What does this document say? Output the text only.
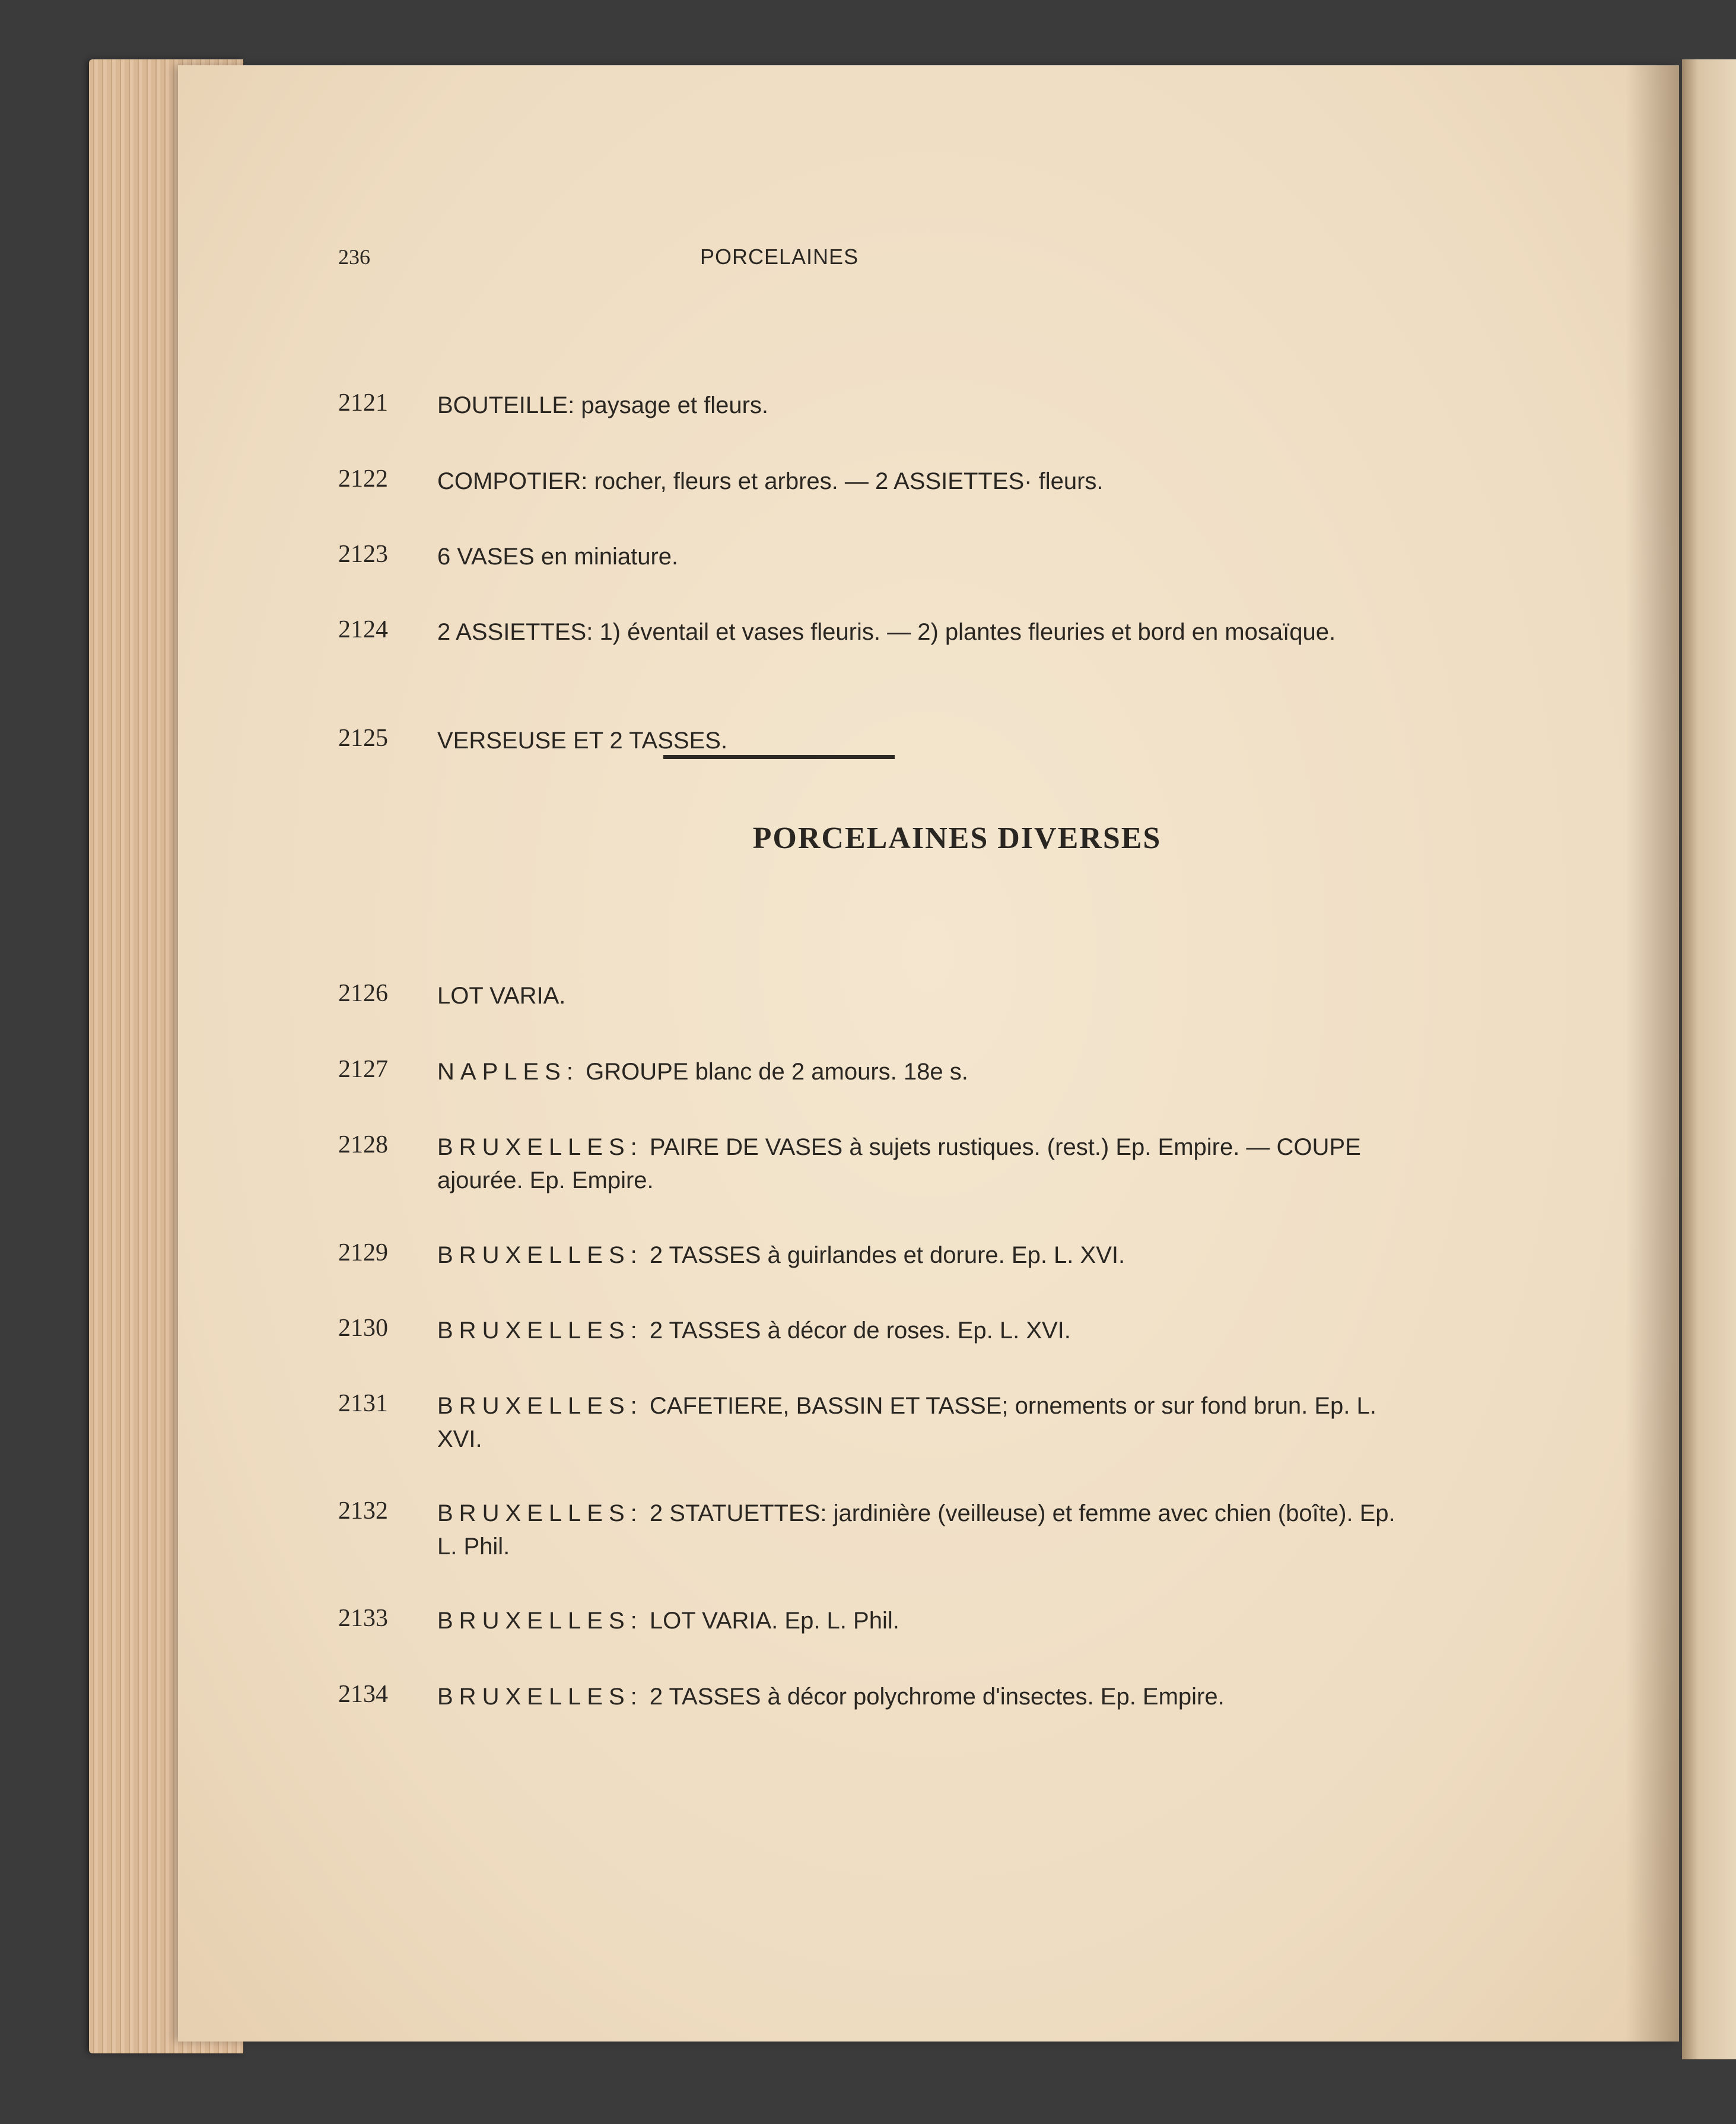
236	PORCELAINES
2121 BOUTEILLE: paysage et fleurs.
2122 COMPOTIER: rocher, fleurs et arbres. — 2 ASSIETTES· fleurs.
2123 6 VASES en miniature.
2124 2 ASSIETTES: 1) éventail et vases fleuris. — 2) plantes fleuries et bord en mosaïque.
2125 VERSEUSE ET 2 TASSES.
PORCELAINES DIVERSES
2126 LOT VARIA.
2127 NAPLES: GROUPE blanc de 2 amours. 18e s.
2128 BRUXELLES: PAIRE DE VASES à sujets rustiques. (rest.) Ep. Empire. — COUPE ajourée. Ep. Empire.
2129 BRUXELLES: 2 TASSES à guirlandes et dorure. Ep. L. XVI.
2130 BRUXELLES: 2 TASSES à décor de roses. Ep. L. XVI.
2131 BRUXELLES: CAFETIERE, BASSIN ET TASSE; ornements or sur fond brun. Ep. L. XVI.
2132 BRUXELLES: 2 STATUETTES: jardinière (veilleuse) et femme avec chien (boîte). Ep. L. Phil.
2133 BRUXELLES: LOT VARIA. Ep. L. Phil.
2134 BRUXELLES: 2 TASSES à décor polychrome d'insectes. Ep. Empire.
